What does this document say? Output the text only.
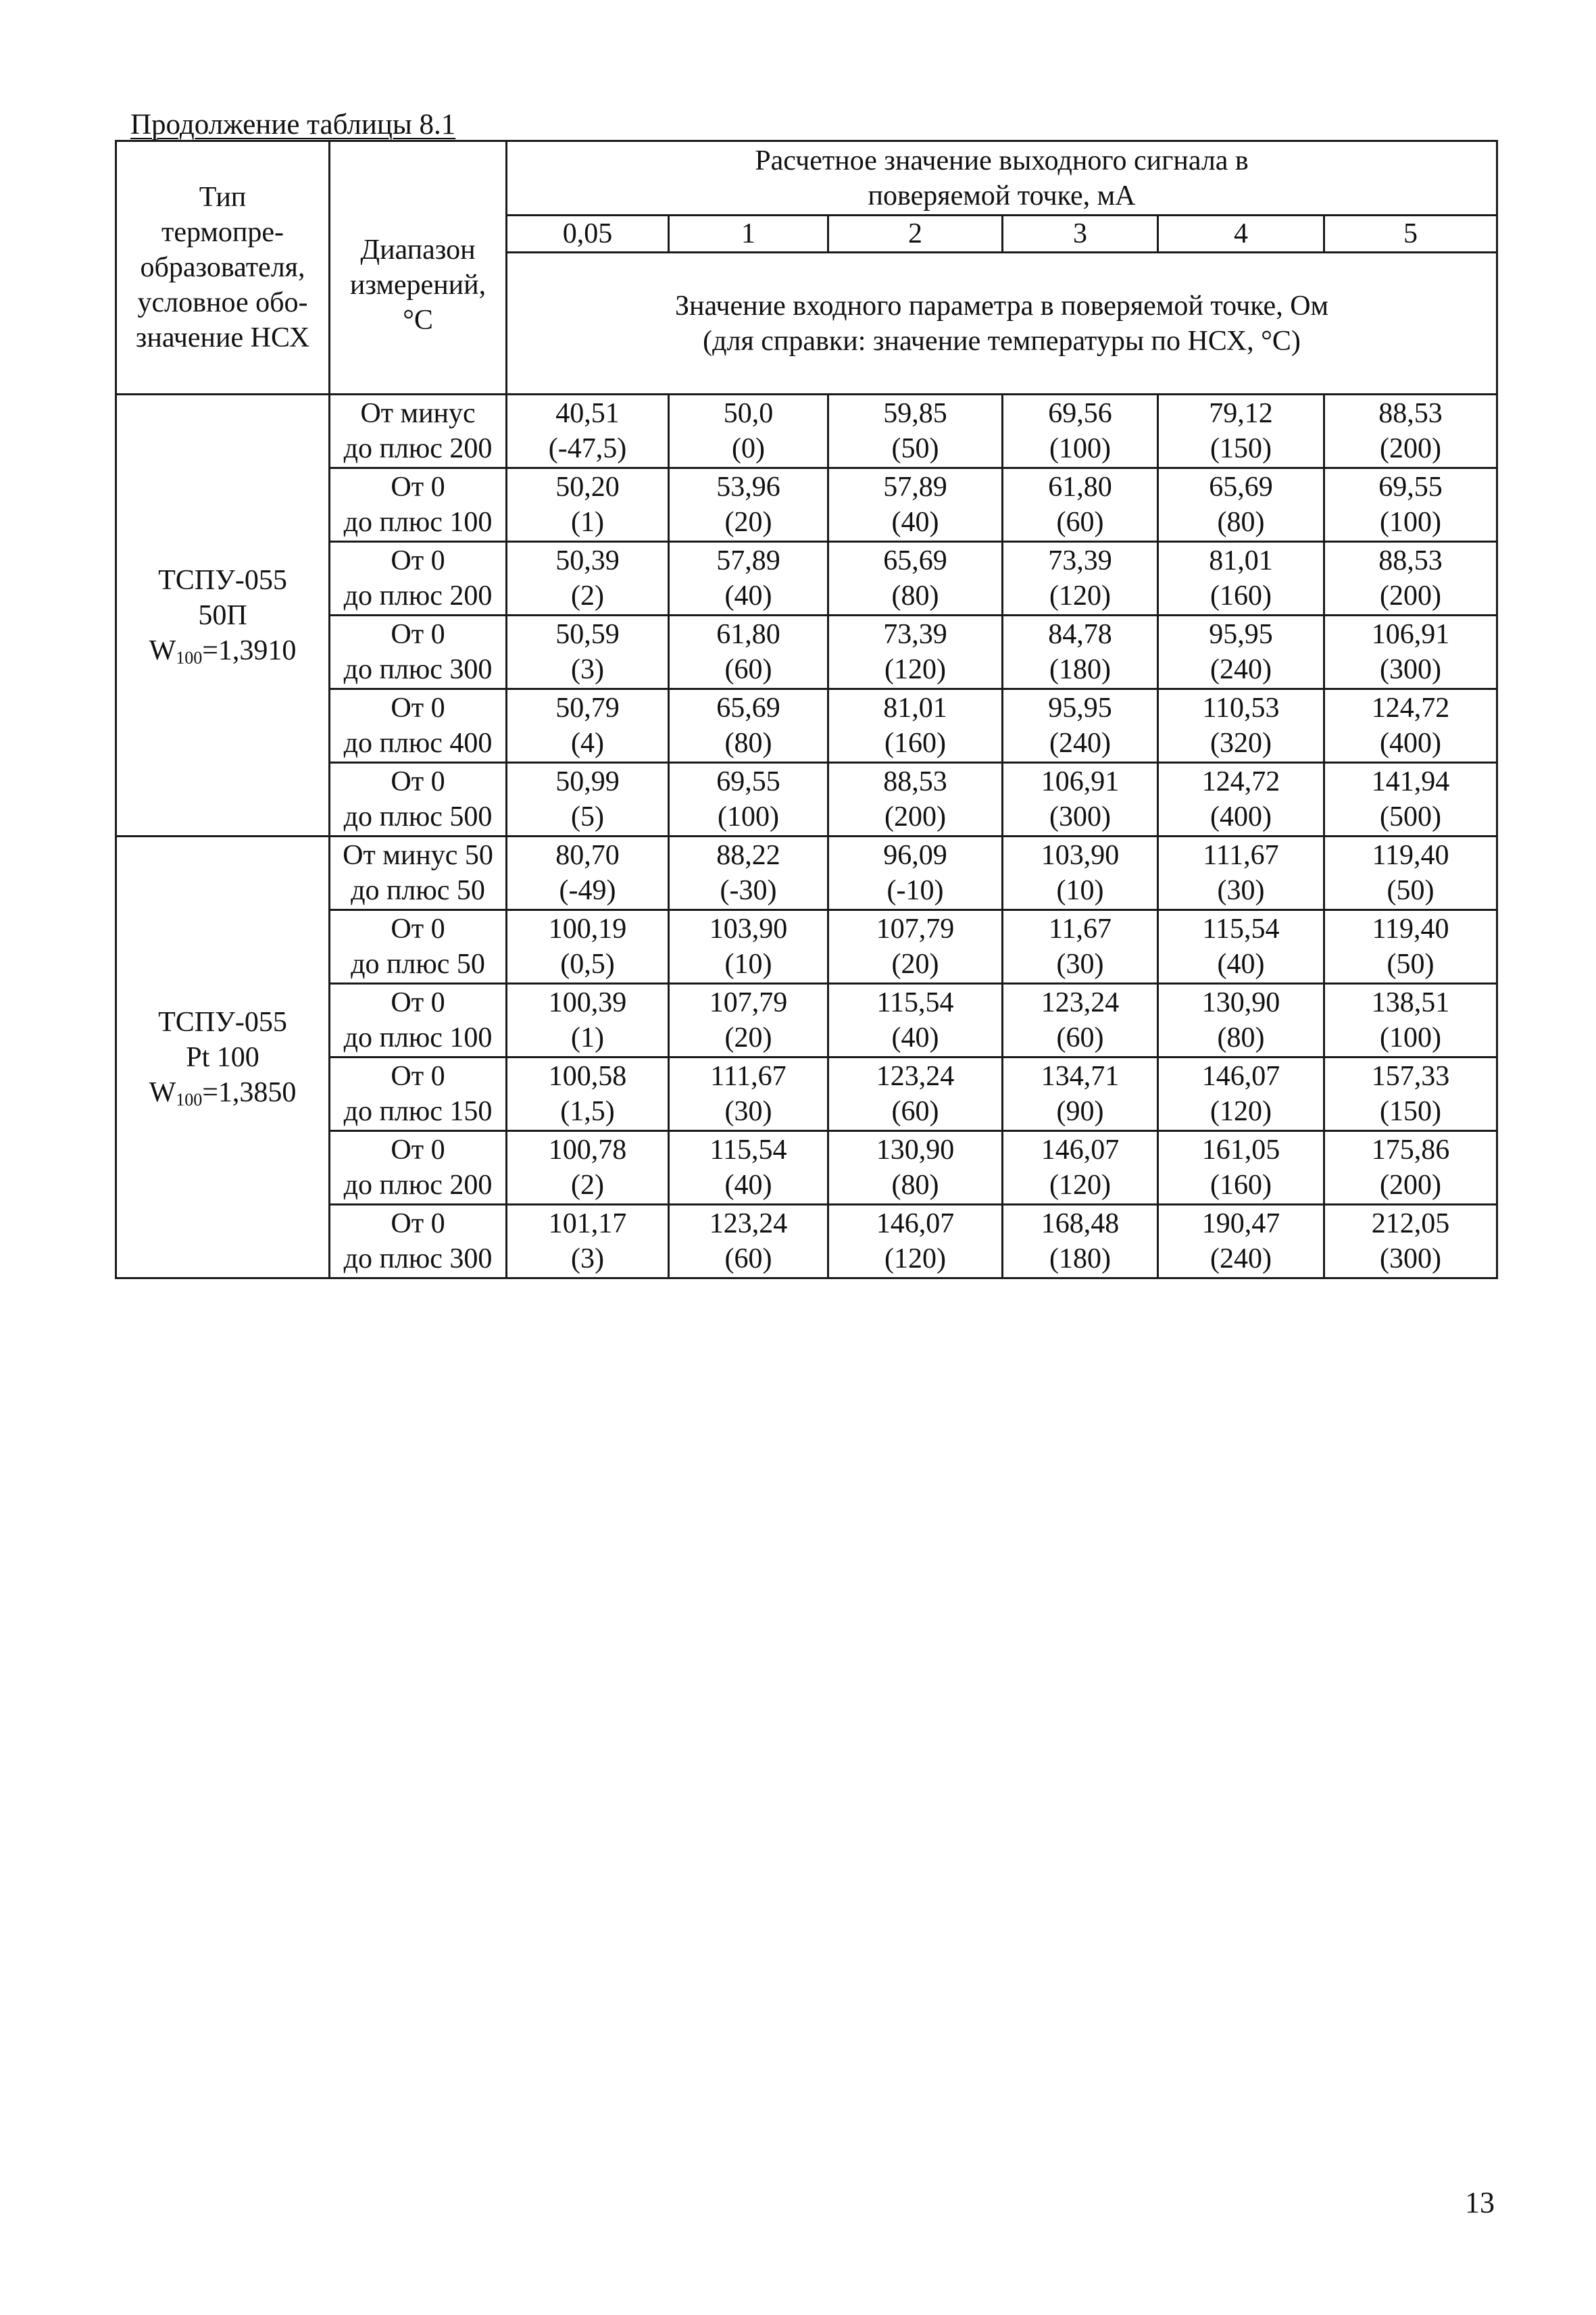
Продолжение таблицы 8.1
Тип
термопре-
образователя,
условное обо-
значение НСХ	Диапазон
измерений,
°С	Расчетное значение выходного сигнала в
поверяемой точке, мА					

		0,05	1	2	3	4	5

		Значение входного параметра в поверяемой точке, Ом
(для справки: значение температуры по НСХ, °С)					

ТСПУ-055
50П
$W_{100}=1,3910$	От минус
до плюс 200	40,51
(-47,5)	50,0
(0)	59,85
(50)	69,56
(100)	79,12
(150)	88,53
(200)

	От 0
до плюс 100	50,20
(1)	53,96
(20)	57,89
(40)	61,80
(60)	65,69
(80)	69,55
(100)

	От 0
до плюс 200	50,39
(2)	57,89
(40)	65,69
(80)	73,39
(120)	81,01
(160)	88,53
(200)

	От 0
до плюс 300	50,59
(3)	61,80
(60)	73,39
(120)	84,78
(180)	95,95
(240)	106,91
(300)

	От 0
до плюс 400	50,79
(4)	65,69
(80)	81,01
(160)	95,95
(240)	110,53
(320)	124,72
(400)

	От 0
до плюс 500	50,99
(5)	69,55
(100)	88,53
(200)	106,91
(300)	124,72
(400)	141,94
(500)

ТСПУ-055
Pt 100
$W_{100}=1,3850$	От минус 50
до плюс 50	80,70
(-49)	88,22
(-30)	96,09
(-10)	103,90
(10)	111,67
(30)	119,40
(50)

	От 0
до плюс 50	100,19
(0,5)	103,90
(10)	107,79
(20)	11,67
(30)	115,54
(40)	119,40
(50)

	От 0
до плюс 100	100,39
(1)	107,79
(20)	115,54
(40)	123,24
(60)	130,90
(80)	138,51
(100)

	От 0
до плюс 150	100,58
(1,5)	111,67
(30)	123,24
(60)	134,71
(90)	146,07
(120)	157,33
(150)

	От 0
до плюс 200	100,78
(2)	115,54
(40)	130,90
(80)	146,07
(120)	161,05
(160)	175,86
(200)

	От 0
до плюс 300	101,17
(3)	123,24
(60)	146,07
(120)	168,48
(180)	190,47
(240)	212,05
(300)
13
